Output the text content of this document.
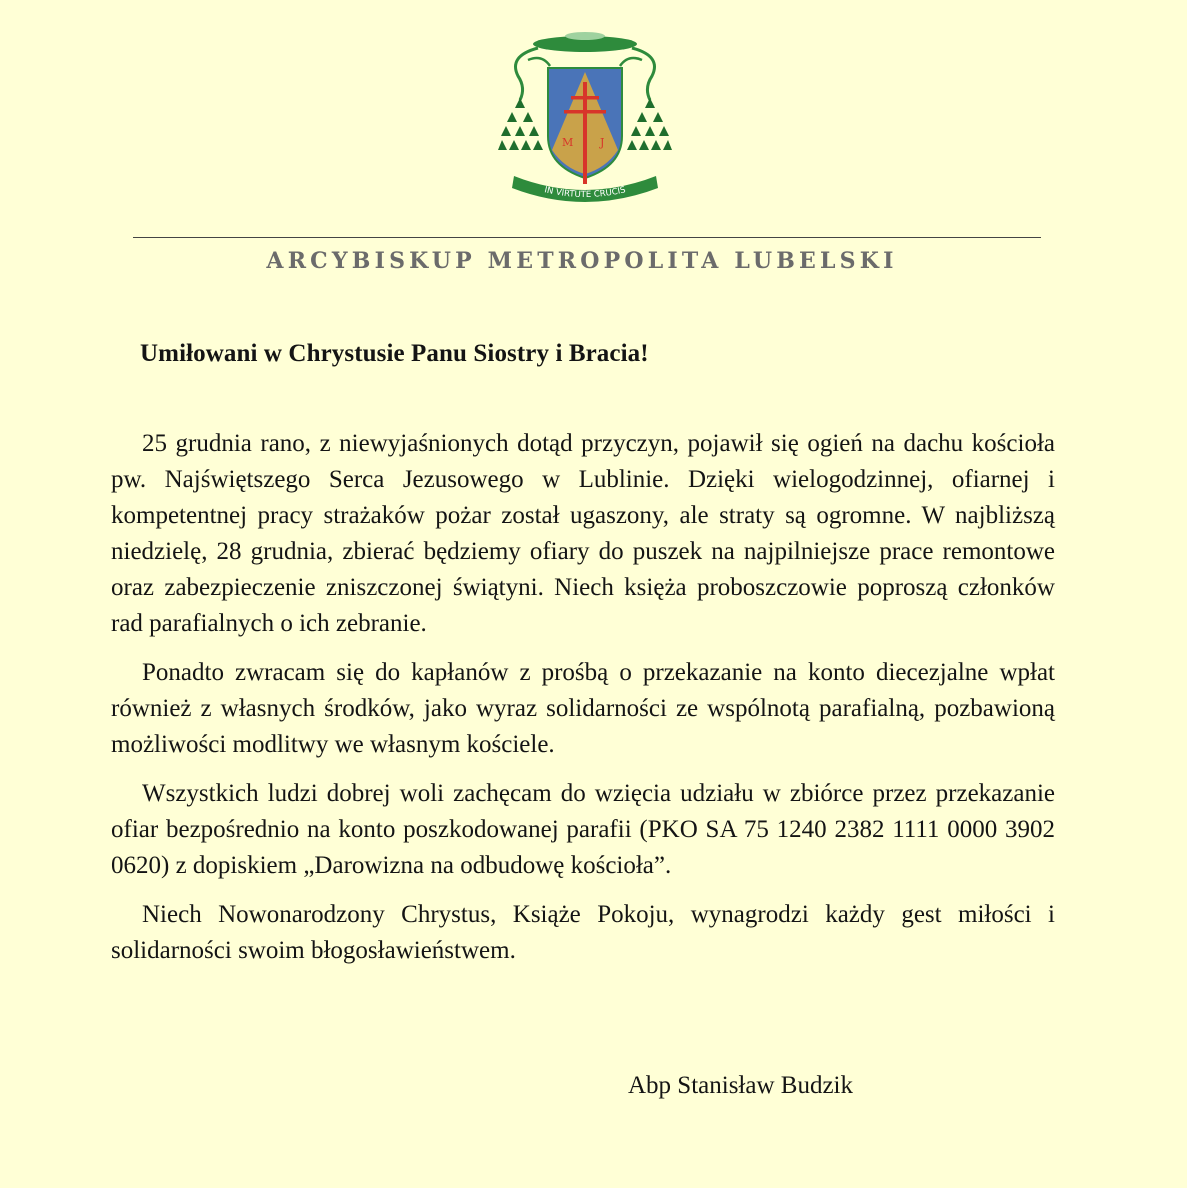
M J
IN VIRTUTE CRUCIS
ARCYBISKUP METROPOLITA LUBELSKI
Umiłowani w Chrystusie Panu Siostry i Bracia!

25 grudnia rano, z niewyjaśnionych dotąd przyczyn, pojawił się ogień na dachu kościoła pw. Najświętszego Serca Jezusowego w Lublinie. Dzięki wielogodzinnej, ofiarnej i kompetentnej pracy strażaków pożar został ugaszony, ale straty są ogromne. W najbliższą niedzielę, 28 grudnia, zbierać będziemy ofiary do puszek na najpilniejsze prace remontowe oraz zabezpieczenie zniszczonej świątyni. Niech księża proboszczowie poproszą członków rad parafialnych o ich zebranie.

Ponadto zwracam się do kapłanów z prośbą o przekazanie na konto diecezjalne wpłat również z własnych środków, jako wyraz solidarności ze wspólnotą parafialną, pozbawioną możliwości modlitwy we własnym kościele.

Wszystkich ludzi dobrej woli zachęcam do wzięcia udziału w zbiórce przez przekazanie ofiar bezpośrednio na konto poszkodowanej parafii (PKO SA 75 1240 2382 1111 0000 3902 0620) z dopiskiem „Darowizna na odbudowę kościoła”.

Niech Nowonarodzony Chrystus, Książe Pokoju, wynagrodzi każdy gest miłości i solidarności swoim błogosławieństwem.

Abp Stanisław Budzik
